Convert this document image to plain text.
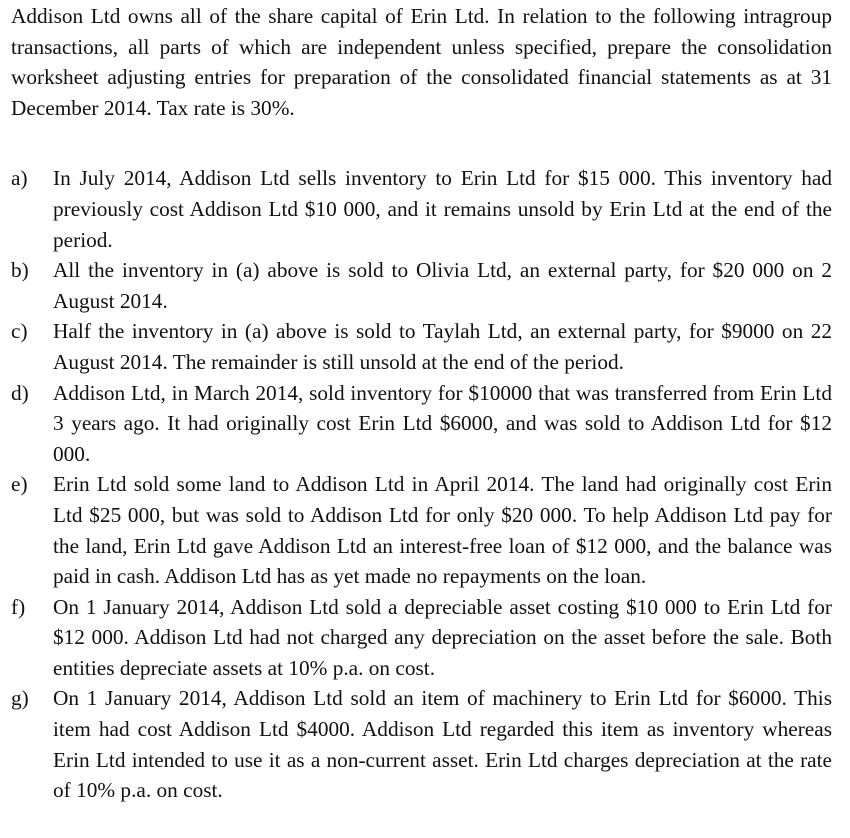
Addison Ltd owns all of the share capital of Erin Ltd. In relation to the following intragroup transactions, all parts of which are independent unless specified, prepare the consolidation worksheet adjusting entries for preparation of the consolidated financial statements as at 31 December 2014. Tax rate is 30%.

a)	In July 2014, Addison Ltd sells inventory to Erin Ltd for $15 000. This inventory had previously cost Addison Ltd $10 000, and it remains unsold by Erin Ltd at the end of the period.
b)	All the inventory in (a) above is sold to Olivia Ltd, an external party, for $20 000 on 2 August 2014.
c)	Half the inventory in (a) above is sold to Taylah Ltd, an external party, for $9000 on 22 August 2014. The remainder is still unsold at the end of the period.
d)	Addison Ltd, in March 2014, sold inventory for $10000 that was transferred from Erin Ltd 3 years ago. It had originally cost Erin Ltd $6000, and was sold to Addison Ltd for $12 000.
e)	Erin Ltd sold some land to Addison Ltd in April 2014. The land had originally cost Erin Ltd $25 000, but was sold to Addison Ltd for only $20 000. To help Addison Ltd pay for the land, Erin Ltd gave Addison Ltd an interest-free loan of $12 000, and the balance was paid in cash. Addison Ltd has as yet made no repayments on the loan.
f)	On 1 January 2014, Addison Ltd sold a depreciable asset costing $10 000 to Erin Ltd for $12 000. Addison Ltd had not charged any depreciation on the asset before the sale. Both entities depreciate assets at 10% p.a. on cost.
g)	On 1 January 2014, Addison Ltd sold an item of machinery to Erin Ltd for $6000. This item had cost Addison Ltd $4000. Addison Ltd regarded this item as inventory whereas Erin Ltd intended to use it as a non-current asset. Erin Ltd charges depreciation at the rate of 10% p.a. on cost.
